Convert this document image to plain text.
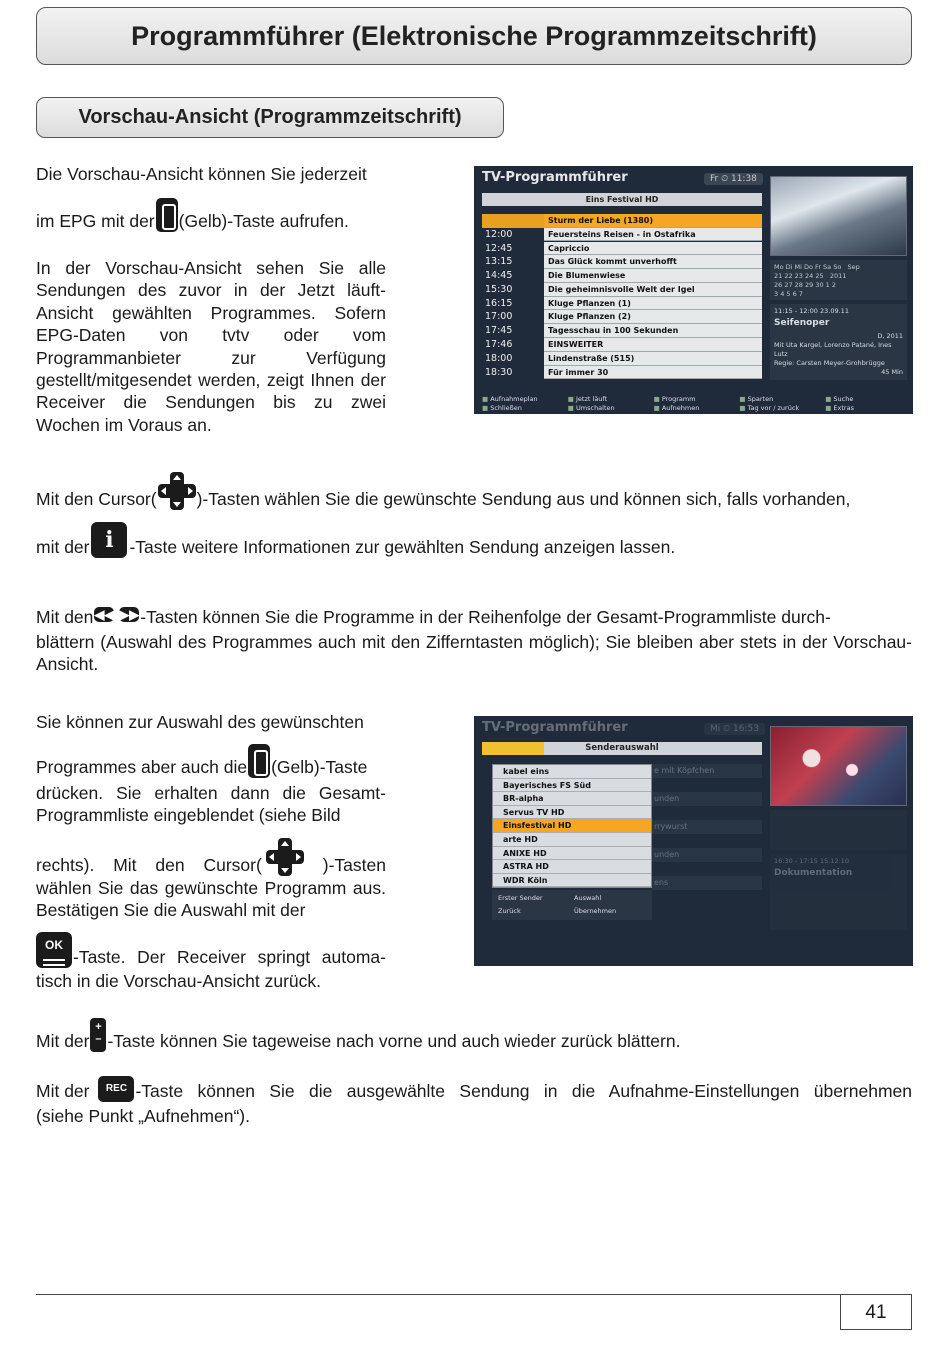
Programmführer (Elektronische Programmzeitschrift)
Vorschau-Ansicht (Programmzeitschrift)
Die Vorschau-Ansicht können Sie jederzeit
im EPG mit der (Gelb)-Taste aufrufen.
In der Vorschau-Ansicht sehen Sie alle Sendungen des zuvor in der Jetzt läuft-Ansicht gewählten Programmes. Sofern EPG-Daten von tvtv oder vom Programmanbieter zur Verfügung gestellt/mitgesendet werden, zeigt Ihnen der Receiver die Sendungen bis zu zwei Wochen im Voraus an.
TV-Programmführer	Fr ⏲ 11:38
Eins Festival HD
Sturm der Liebe (1380)
12:00	Feuersteins Reisen - in Ostafrika
12:45	Capriccio
13:15	Das Glück kommt unverhofft
14:45	Die Blumenwiese
15:30	Die geheimnisvolle Welt der Igel
16:15	Kluge Pflanzen (1)
17:00	Kluge Pflanzen (2)
17:45	Tagesschau in 100 Sekunden
17:46	EINSWEITER
18:00	Lindenstraße (515)
18:30	Für immer 30
Mo Di Mi Do Fr Sa So   Sep
21 22 23 24 25   2011
26 27 28 29 30 1 2
3 4 5 6 7
11:15 - 12:00 23.09.11
Seifenoper
D, 2011
Mit Uta Kargel, Lorenzo Patané, Ines Lutz
Regie: Carsten Meyer-Grohbrügge
45 Min
■ Aufnahmeplan	■ Jetzt läuft	■ Programm	■ Sparten	■ Suche
■ Schließen	■ Umschalten	■ Aufnehmen	■ Tag vor / zurück	■ Extras
Mit den Cursor( )-Tasten wählen Sie die gewünschte Sendung aus und können sich, falls vorhanden,
mit der i -Taste weitere Informationen zur gewählten Sendung anzeigen lassen.
Mit den ◀◀ ▶▶ -Tasten können Sie die Programme in der Reihenfolge der Gesamt-Programmliste durch-
blättern (Auswahl des Programmes auch mit den Zifferntasten möglich); Sie bleiben aber stets in der Vorschau-Ansicht.
Sie können zur Auswahl des gewünschten
Programmes aber auch die (Gelb)-Taste
drücken. Sie erhalten dann die Gesamt-Programmliste eingeblendet (siehe Bild
rechts). Mit den Cursor(	)-Tasten
wählen Sie das gewünschte Programm aus. Bestätigen Sie die Auswahl mit der
OK
-Taste. Der Receiver springt automa-
tisch in die Vorschau-Ansicht zurück.
TV-Programmführer	Mi ⏲ 16:53
Senderauswahl
e mit Köpfchen
unden
rrywurst
unden
ens
kabel eins
Bayerisches FS Süd
BR-alpha
Servus TV HD
Einsfestival HD
arte HD
ANIXE HD
ASTRA HD
WDR Köln
Erster Sender	Auswahl
Zurück	Übernehmen
16:30 - 17:15 15.12.10
Dokumentation
Mit der
+
– -Taste können Sie tageweise nach vorne und auch wieder zurück blättern.
Mit der	REC -Taste können Sie die ausgewählte Sendung in die Aufnahme-Einstellungen übernehmen
(siehe Punkt „Aufnehmen“).
41
